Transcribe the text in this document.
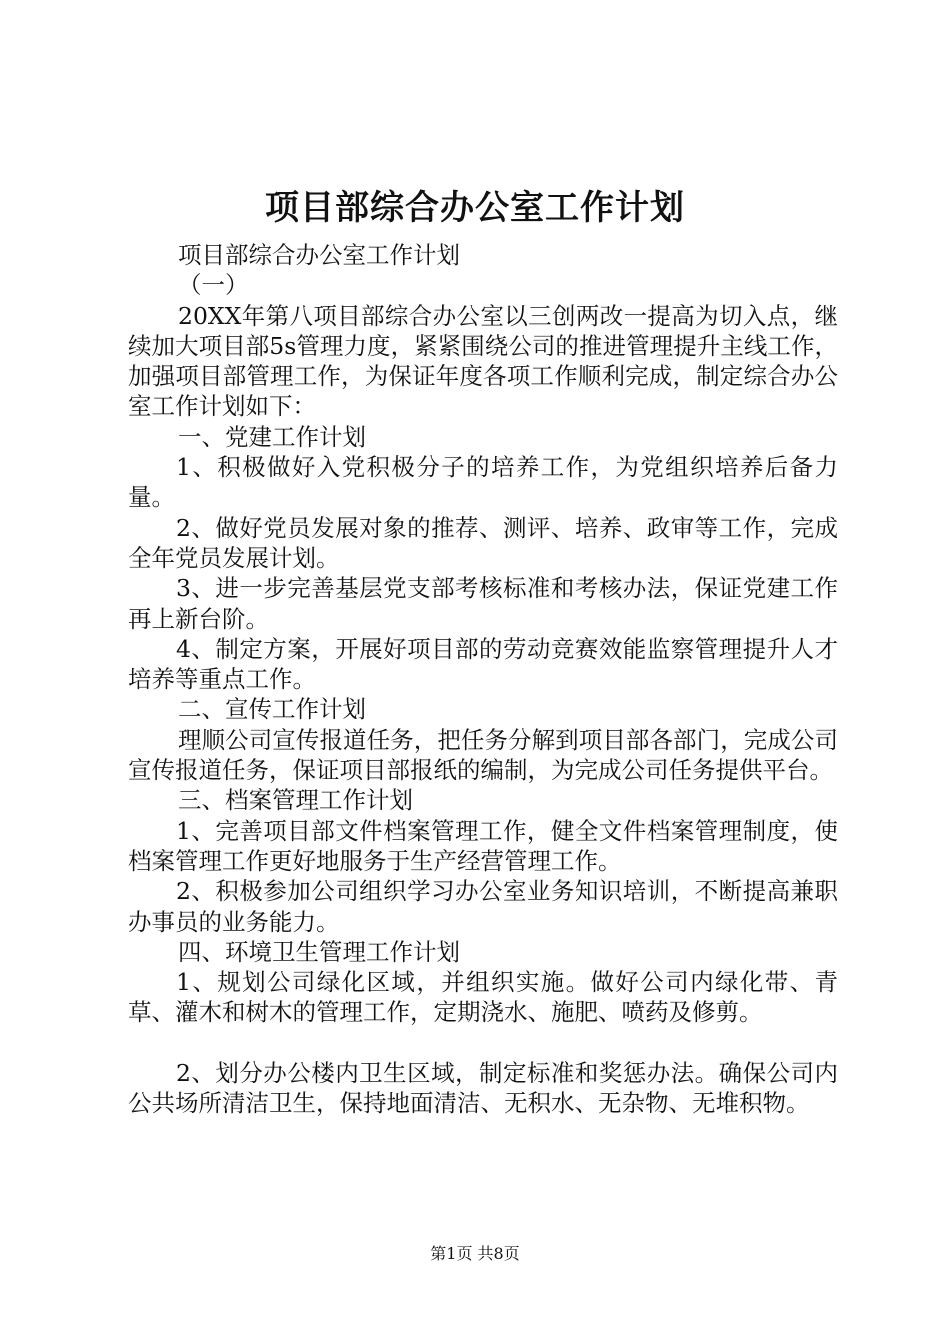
项目部综合办公室工作计划

项目部综合办公室工作计划

（一）

20XX年第八项目部综合办公室以三创两改一提高为切入点，继续加大项目部5s管理力度，紧紧围绕公司的推进管理提升主线工作，加强项目部管理工作，为保证年度各项工作顺利完成，制定综合办公室工作计划如下：

一、党建工作计划

1、积极做好入党积极分子的培养工作，为党组织培养后备力量。

2、做好党员发展对象的推荐、测评、培养、政审等工作，完成全年党员发展计划。

3、进一步完善基层党支部考核标准和考核办法，保证党建工作再上新台阶。

4、制定方案，开展好项目部的劳动竞赛效能监察管理提升人才培养等重点工作。

二、宣传工作计划

理顺公司宣传报道任务，把任务分解到项目部各部门，完成公司宣传报道任务，保证项目部报纸的编制，为完成公司任务提供平台。

三、档案管理工作计划

1、完善项目部文件档案管理工作，健全文件档案管理制度，使档案管理工作更好地服务于生产经营管理工作。

2、积极参加公司组织学习办公室业务知识培训，不断提高兼职办事员的业务能力。

四、环境卫生管理工作计划

1、规划公司绿化区域，并组织实施。做好公司内绿化带、青草、灌木和树木的管理工作，定期浇水、施肥、喷药及修剪。

2、划分办公楼内卫生区域，制定标准和奖惩办法。确保公司内公共场所清洁卫生，保持地面清洁、无积水、无杂物、无堆积物。

第1页 共8页
